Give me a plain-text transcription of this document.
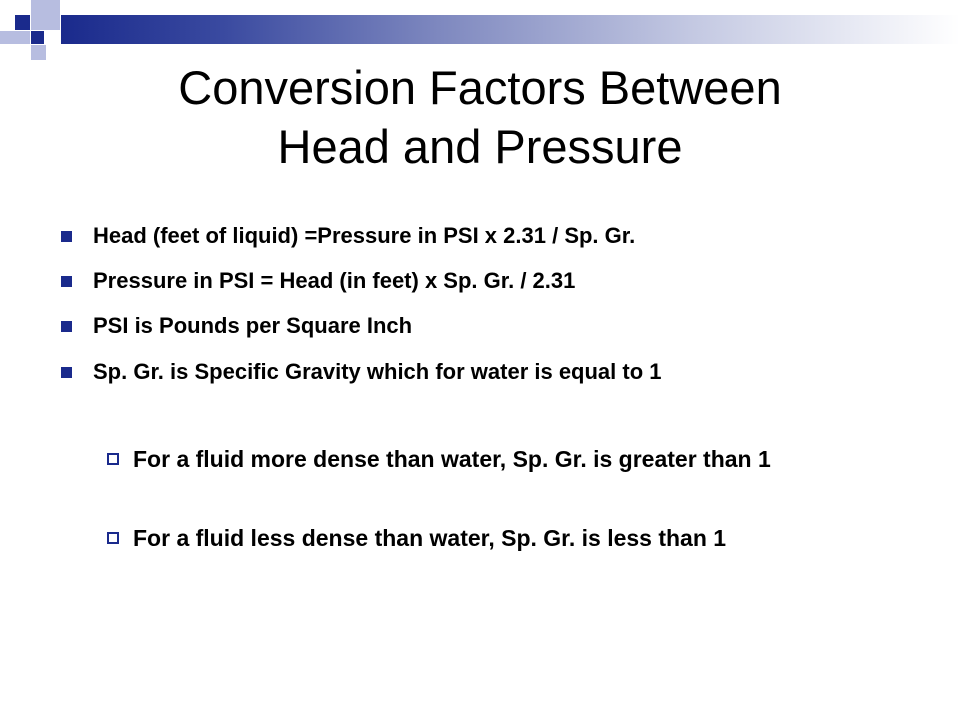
Conversion Factors Between
Head and Pressure
Head (feet of liquid) =Pressure in PSI x 2.31 / Sp. Gr.
Pressure in PSI = Head (in feet) x Sp. Gr. / 2.31
PSI is Pounds per Square Inch
Sp. Gr. is Specific Gravity which for water is equal to 1
For a fluid more dense than water, Sp. Gr. is greater than 1
For a fluid less dense than water, Sp. Gr. is less than 1
